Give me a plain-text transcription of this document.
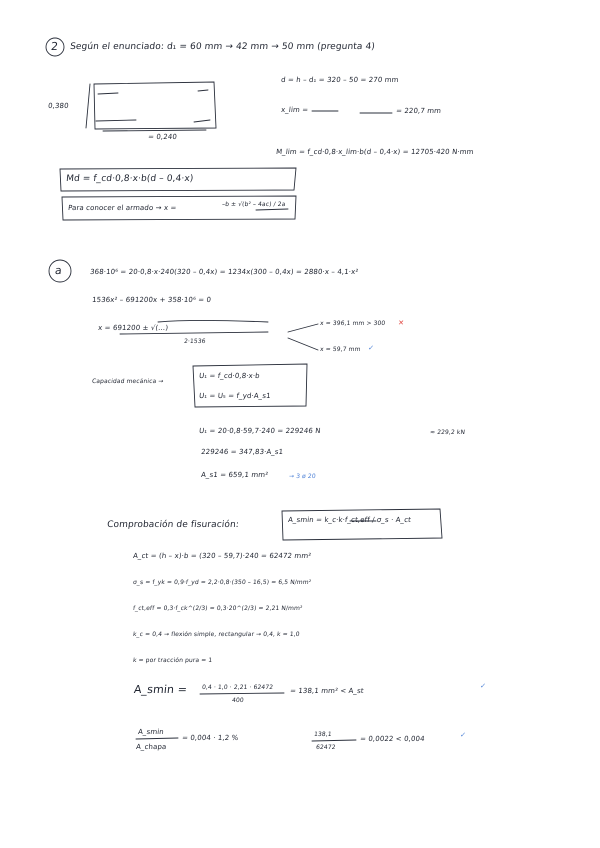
2 Según el enunciado: d₁ = 60 mm → 42 mm → 50 mm (pregunta 4)
0,380
= 0,240
d = h – d₁ = 320 – 50 = 270 mm
x_lim =	= 220,7 mm
M_lim = f_cd·0,8·x_lim·b(d – 0,4·x) = 12705·420 N·mm
Md = f_cd·0,8·x·b(d – 0,4·x)
Para conocer el armado → x =	–b ± √(b² – 4ac) / 2a
a	368·10⁶ = 20·0,8·x·240(320 – 0,4x) = 1234x(300 – 0,4x) = 2880·x – 4,1·x²
1536x² – 691200x + 358·10⁶ = 0
x = 691200 ± √(…)
2·1536
x = 396,1 mm > 300 ✕
x = 59,7 mm ✓
Capacidad mecánica →
U₁ = f_cd·0,8·x·b
U₁ = U₅ = f_yd·A_s1
U₁ = 20·0,8·59,7·240 = 229246 N	≈ 229,2 kN
229246 = 347,83·A_s1
A_s1 = 659,1 mm²	→ 3 ø 20
Comprobación de fisuración:	A_smin = k_c·k·f_ct,eff / σ_s · A_ct
A_ct = (h – x)·b = (320 – 59,7)·240 = 62472 mm²
σ_s = f_yk = 0,9·f_yd = 2,2·0,8·(350 – 16,5) = 6,5 N/mm²
f_ct,eff = 0,3·f_ck^(2/3) = 0,3·20^(2/3) = 2,21 N/mm²
k_c = 0,4 → flexión simple, rectangular → 0,4, k = 1,0
k = por tracción pura = 1
A_smin = 0,4 · 1,0 · 2,21 · 62472
400
= 138,1 mm² < A_st
✓
A_smin
A_chapa
= 0,004 · 1,2 %	138,1
62472
= 0,0022 < 0,004	✓
